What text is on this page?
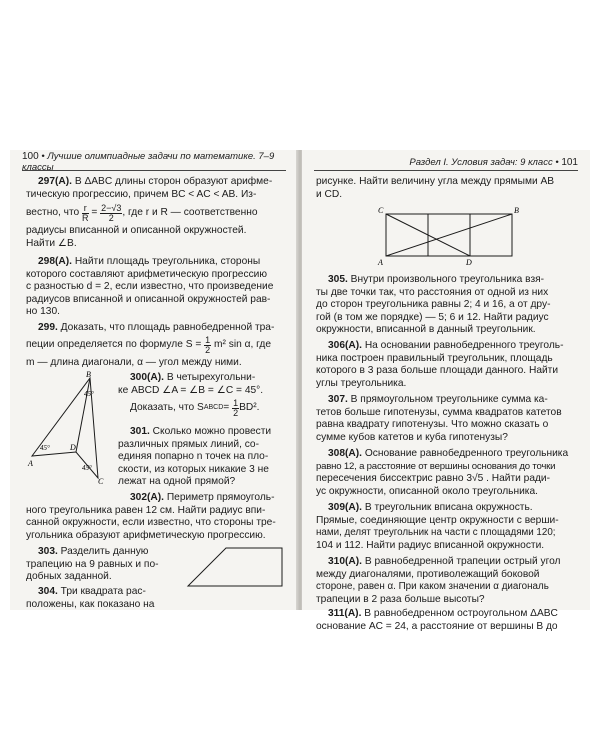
100 • Лучшие олимпиадные задачи по математике. 7–9 классы
297(А). В ΔABC длины сторон образуют арифме-
тическую прогрессию, причем BC < AC < AB. Из-
вестно, что
$\frac{r}{R} = \frac{2-√3}{2}$ , где r и R — соответственно
радиусы вписанной и описанной окружностей.
Найти ∠B.
298(А). Найти площадь треугольника, стороны
которого составляют арифметическую прогрессию
с разностью d = 2, если известно, что произведение
радиусов вписанной и описанной окружностей рав-
но 130.
299. Доказать, что площадь равнобедренной тра-
пеции определяется по формуле S =
$\frac{1}{2}$
m² sin α, где
m — длина диагонали, α — угол между ними.
B
A
D
C
45°
45°
45°
300(А). В четырехугольни-
ке ABCD ∠A = ∠B = ∠C = 45°.
Доказать, что S ABCD =
$\frac{1}{2} BD^2$.
301. Сколько можно провести
различных прямых линий, со-
единяя попарно n точек на пло-
скости, из которых никакие 3 не
лежат на одной прямой?
302(А). Периметр прямоуголь-
ного треугольника равен 12 см. Найти радиус впи-
санной окружности, если известно, что стороны тре-
угольника образуют арифметическую прогрессию.
303. Разделить данную
трапецию на 9 равных и по-
добных заданной.
304. Три квадрата рас-
положены, как показано на
Раздел I. Условия задач: 9 класс • 101
рисунке. Найти величину угла между прямыми AB
и CD.
C	B
A	D
305. Внутри произвольного треугольника взя-
ты две точки так, что расстояния от одной из них
до сторон треугольника равны 2; 4 и 16, а от дру-
гой (в том же порядке) — 5; 6 и 12. Найти радиус
окружности, вписанной в данный треугольник.
306(А). На основании равнобедренного треуголь-
ника построен правильный треугольник, площадь
которого в 3 раза больше площади данного. Найти
углы треугольника.
307. В прямоугольном треугольнике сумма ка-
тетов больше гипотенузы, сумма квадратов катетов
равна квадрату гипотенузы. Что можно сказать о
сумме кубов катетов и куба гипотенузы?
308(А). Основание равнобедренного треугольника
равно 12, а расстояние от вершины основания до точки
пересечения биссектрис равно 3√5 . Найти ради-
ус окружности, описанной около треугольника.
309(А). В треугольник вписана окружность.
Прямые, соединяющие центр окружности с верши-
нами, делят треугольник на части с площадями 120;
104 и 112. Найти радиус вписанной окружности.
310(А). В равнобедренной трапеции острый угол
между диагоналями, противолежащий боковой
стороне, равен α. При каком значении α диагональ
трапеции в 2 раза больше высоты?
311(А). В равнобедренном остроугольном ΔABC
основание AC = 24, а расстояние от вершины B до
